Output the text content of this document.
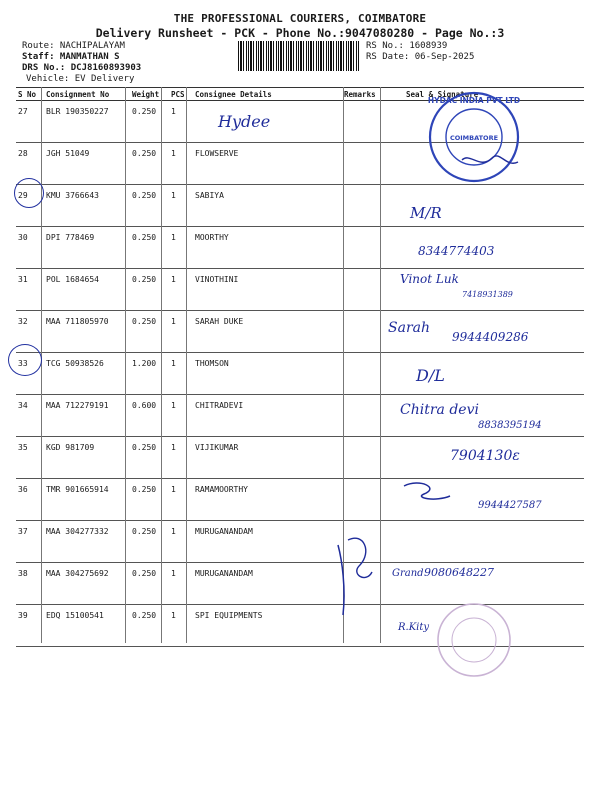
THE PROFESSIONAL COURIERS, COIMBATORE
Delivery Runsheet - PCK - Phone No.:9047080280 - Page No.:3
Route: NACHIPALAYAM
Staff: MANMATHAN S
DRS No.: DCJ8160893903
Vehicle: EV Delivery
RS No.: 1608939
RS Date: 06-Sep-2025
S No	Consignment No	Weight	PCS	Consignee Details	Remarks	Seal & Signature

27	BLR 190350227	0.250	1			

28	JGH 51049	0.250	1	FLOWSERVE		

29	KMU 3766643	0.250	1	SABIYA		

30	DPI 778469	0.250	1	MOORTHY		

31	POL 1684654	0.250	1	VINOTHINI		

32	MAA 711805970	0.250	1	SARAH DUKE		

33	TCG 50938526	1.200	1	THOMSON		

34	MAA 712279191	0.600	1	CHITRADEVI		

35	KGD 981709	0.250	1	VIJIKUMAR		

36	TMR 901665914	0.250	1	RAMAMOORTHY		

37	MAA 304277332	0.250	1	MURUGANANDAM		

38	MAA 304275692	0.250	1	MURUGANANDAM		

39	EDQ 15100541	0.250	1	SPI EQUIPMENTS		

HYDAC INDIA PVT LTD
COIMBATORE
Hydee
M/R
8344774403
Vinot Luk
7418931389
Sarah
9944409286
D/L
Chitra devi
8838395194
7904130ε
9944427587
Grand 9080648227
R.Kity
